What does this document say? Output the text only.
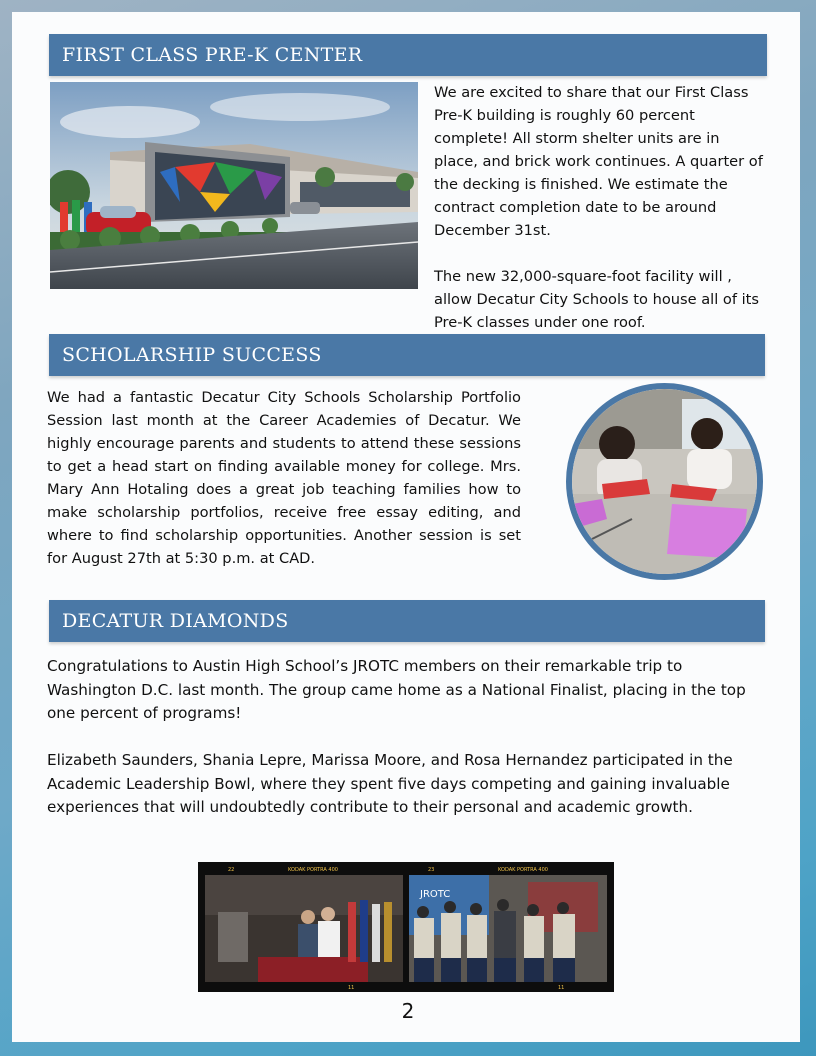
FIRST CLASS PRE-K CENTER
We are excited to share that our First Class Pre-K building is roughly 60 percent complete! All storm shelter units are in place, and brick work continues. A quarter of the decking is finished. We estimate the contract completion date to be around December 31st.
The new 32,000-square-foot facility will , allow Decatur City Schools to house all of its Pre-K classes under one roof.
SCHOLARSHIP SUCCESS
We had a fantastic Decatur City Schools Scholarship Portfolio Session last month at the Career Academies of Decatur. We highly encourage parents and students to attend these sessions to get a head start on finding available money for college. Mrs. Mary Ann Hotaling does a great job teaching families how to make scholarship portfolios, receive free essay editing, and where to find scholarship opportunities. Another session is set for August 27th at 5:30 p.m. at CAD.
DECATUR DIAMONDS
Congratulations to Austin High School’s JROTC members on their remarkable trip to Washington D.C. last month. The group came home as a National Finalist, placing in the top one percent of programs!
Elizabeth Saunders, Shania Lepre, Marissa Moore, and Rosa Hernandez participated in the Academic Leadership Bowl, where they spent five days competing and gaining invaluable experiences that will undoubtedly contribute to their personal and academic growth.
KODAK PORTRA 400	KODAK PORTRA 400
22	23
11	11
JROTC
2
